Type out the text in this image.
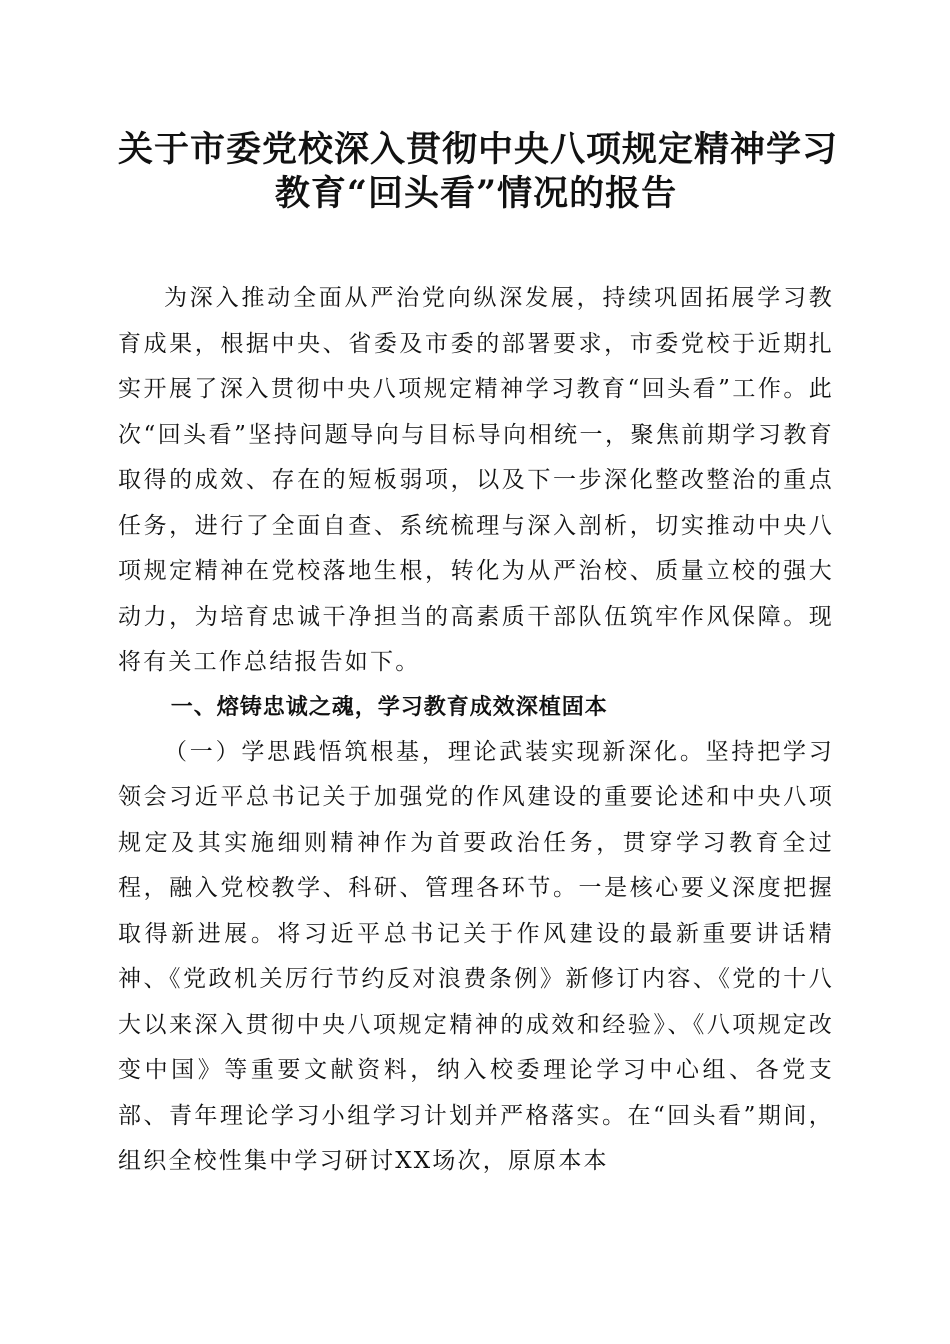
关于市委党校深入贯彻中央八项规定精神学习
教育“回头看”情况的报告

为深入推动全面从严治党向纵深发展，持续巩固拓展学习教育成果，根据中央、省委及市委的部署要求，市委党校于近期扎实开展了深入贯彻中央八项规定精神学习教育“回头看”工作。此次“回头看”坚持问题导向与目标导向相统一，聚焦前期学习教育取得的成效、存在的短板弱项，以及下一步深化整改整治的重点任务，进行了全面自查、系统梳理与深入剖析，切实推动中央八项规定精神在党校落地生根，转化为从严治校、质量立校的强大动力，为培育忠诚干净担当的高素质干部队伍筑牢作风保障。现将有关工作总结报告如下。

一、熔铸忠诚之魂，学习教育成效深植固本

（一）学思践悟筑根基，理论武装实现新深化。坚持把学习领会习近平总书记关于加强党的作风建设的重要论述和中央八项规定及其实施细则精神作为首要政治任务，贯穿学习教育全过程，融入党校教学、科研、管理各环节。一是核心要义深度把握取得新进展。将习近平总书记关于作风建设的最新重要讲话精神、《党政机关厉行节约反对浪费条例》新修订内容、《党的十八大以来深入贯彻中央八项规定精神的成效和经验》、《八项规定改变中国》等重要文献资料，纳入校委理论学习中心组、各党支部、青年理论学习小组学习计划并严格落实。在“回头看”期间，组织全校性集中学习研讨XX场次，原原本本
